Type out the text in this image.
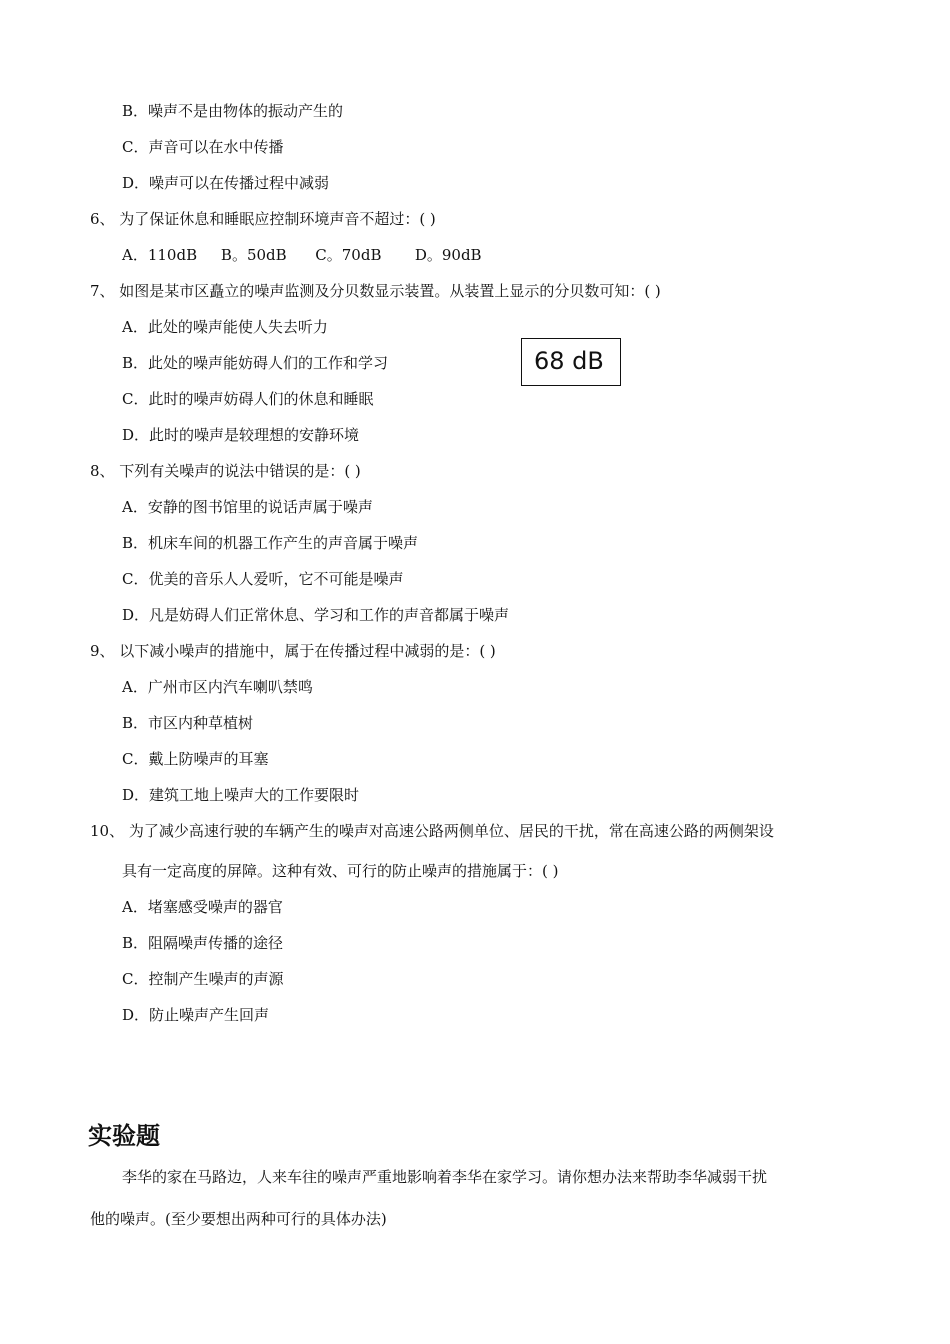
B．噪声不是由物体的振动产生的
C．声音可以在水中传播
D．噪声可以在传播过程中减弱
6、 为了保证休息和睡眠应控制环境声音不超过：( )
A．110dB     B。50dB      C。70dB       D。90dB
7、 如图是某市区矗立的噪声监测及分贝数显示装置。从装置上显示的分贝数可知：( )
A．此处的噪声能使人失去听力
B．此处的噪声能妨碍人们的工作和学习
C．此时的噪声妨碍人们的休息和睡眠
D．此时的噪声是较理想的安静环境
68 dB
8、 下列有关噪声的说法中错误的是：( )
A．安静的图书馆里的说话声属于噪声
B．机床车间的机器工作产生的声音属于噪声
C．优美的音乐人人爱听，它不可能是噪声
D．凡是妨碍人们正常休息、学习和工作的声音都属于噪声
9、 以下减小噪声的措施中，属于在传播过程中减弱的是：( )
A．广州市区内汽车喇叭禁鸣
B．市区内种草植树
C．戴上防噪声的耳塞
D．建筑工地上噪声大的工作要限时
10、 为了减少高速行驶的车辆产生的噪声对高速公路两侧单位、居民的干扰，常在高速公路的两侧架设
具有一定高度的屏障。这种有效、可行的防止噪声的措施属于：( )
A．堵塞感受噪声的器官
B．阻隔噪声传播的途径
C．控制产生噪声的声源
D．防止噪声产生回声
实验题
李华的家在马路边，人来车往的噪声严重地影响着李华在家学习。请你想办法来帮助李华减弱干扰
他的噪声。(至少要想出两种可行的具体办法)
